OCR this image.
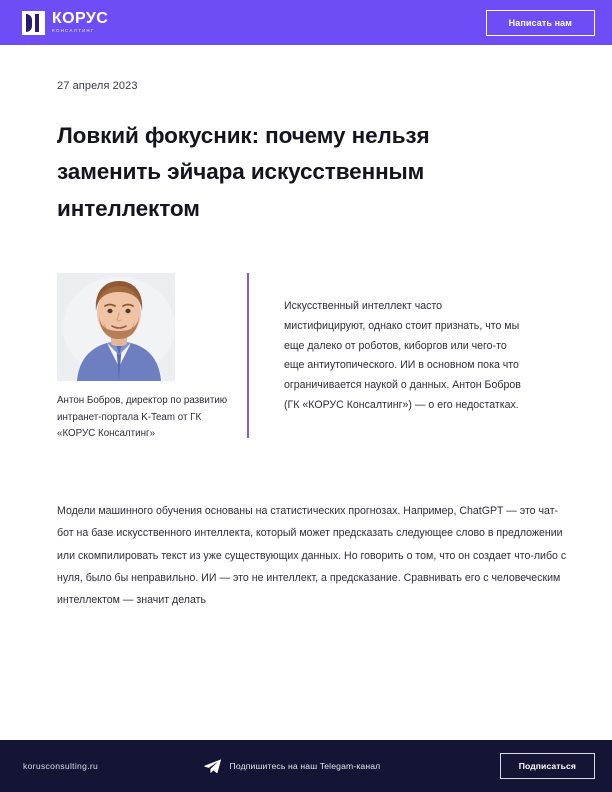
КОРУС
КОНСАЛТИНГ
Написать нам
27 апреля 2023
Ловкий фокусник: почему нельзя заменить эйчара искусственным интеллектом
Антон Бобров, директор по развитию интранет-портала K-Team от ГК «КОРУС Консалтинг»
Искусственный интеллект часто мистифицируют, однако стоит признать, что мы еще далеко от роботов, киборгов или чего-то еще антиутопического. ИИ в основном пока что ограничивается наукой о данных. Антон Бобров (ГК «КОРУС Консалтинг») — о его недостатках.
Модели машинного обучения основаны на статистических прогнозах. Например, ChatGPT — это чат-бот на базе искусственного интеллекта, который может предсказать следующее слово в предложении или скомпилировать текст из уже существующих данных. Но говорить о том, что он создает что-либо с нуля, было бы неправильно. ИИ — это не интеллект, а предсказание. Сравнивать его с человеческим интеллектом — значит делать
korusconsulting.ru	Подпишитесь на наш Telegam-канал	Подписаться
